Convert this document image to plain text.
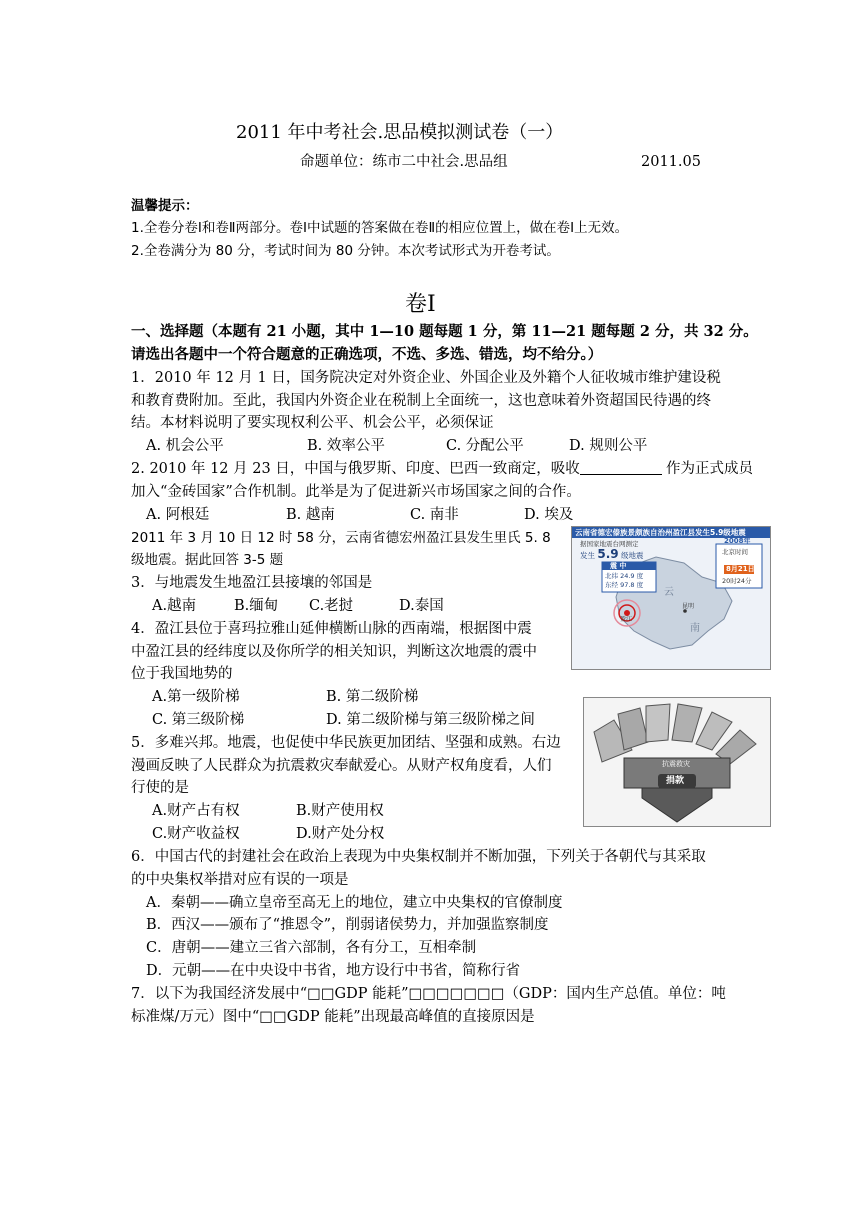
2011 年中考社会.思品模拟测试卷（一）
命题单位：练市二中社会.思品组	2011.05
温馨提示：
1.全卷分卷Ⅰ和卷Ⅱ两部分。卷Ⅰ中试题的答案做在卷Ⅱ的相应位置上，做在卷Ⅰ上无效。
2.全卷满分为 80 分，考试时间为 80 分钟。本次考试形式为开卷考试。
卷Ⅰ
一、选择题（本题有 21 小题，其中 1—10 题每题 1 分，第 11—21 题每题 2 分，共 32 分。
请选出各题中一个符合题意的正确选项，不选、多选、错选，均不给分。）
1．2010 年 12 月 1 日，国务院决定对外资企业、外国企业及外籍个人征收城市维护建设税
和教育费附加。至此，我国内外资企业在税制上全面统一，这也意味着外资超国民待遇的终
结。本材料说明了要实现权利公平、机会公平，必须保证
A. 机会公平	B. 效率公平	C. 分配公平	D. 规则公平
2. 2010 年 12 月 23 日，中国与俄罗斯、印度、巴西一致商定，吸收	作为正式成员
加入“金砖国家”合作机制。此举是为了促进新兴市场国家之间的合作。
A. 阿根廷	B. 越南	C. 南非	D. 埃及
2011 年 3 月 10 日 12 时 58 分，云南省德宏州盈江县发生里氏 5. 8
级地震。据此回答 3-5 题
3．与地震发生地盈江县接壤的邻国是
A.越南	B.缅甸 C.老挝	D.泰国
4．盈江县位于喜玛拉雅山延伸横断山脉的西南端，根据图中震
中盈江县的经纬度以及你所学的相关知识，判断这次地震的震中
位于我国地势的
A.第一级阶梯	B. 第二级阶梯
C. 第三级阶梯	D. 第二级阶梯与第三级阶梯之间
5．多难兴邦。地震，也促使中华民族更加团结、坚强和成熟。右边
漫画反映了人民群众为抗震救灾奉献爱心。从财产权角度看，人们
行使的是
A.财产占有权	B.财产使用权
C.财产收益权	D.财产处分权
6．中国古代的封建社会在政治上表现为中央集权制并不断加强，下列关于各朝代与其采取
的中央集权举措对应有误的一项是
A．秦朝——确立皇帝至高无上的地位，建立中央集权的官僚制度
B．西汉——颁布了“推恩令”，削弱诸侯势力，并加强监察制度
C．唐朝——建立三省六部制，各有分工，互相牵制
D．元朝——在中央设中书省，地方设行中书省，简称行省
7．以下为我国经济发展中“□□GDP 能耗”□□□□□□□（GDP：国内生产总值。单位：吨
标准煤/万元）图中“□□GDP 能耗”出现最高峰值的直接原因是
云南省德宏傣族景颇族自治州盈江县发生5.9级地震
据国家地震台网测定
发生 5.9 级地震
震 中
北纬 24.9 度
东经 97.8 度
2008年
北京时间
8月21日
20时24分
云
南
昆明
盈江
抗震救灾
捐款
